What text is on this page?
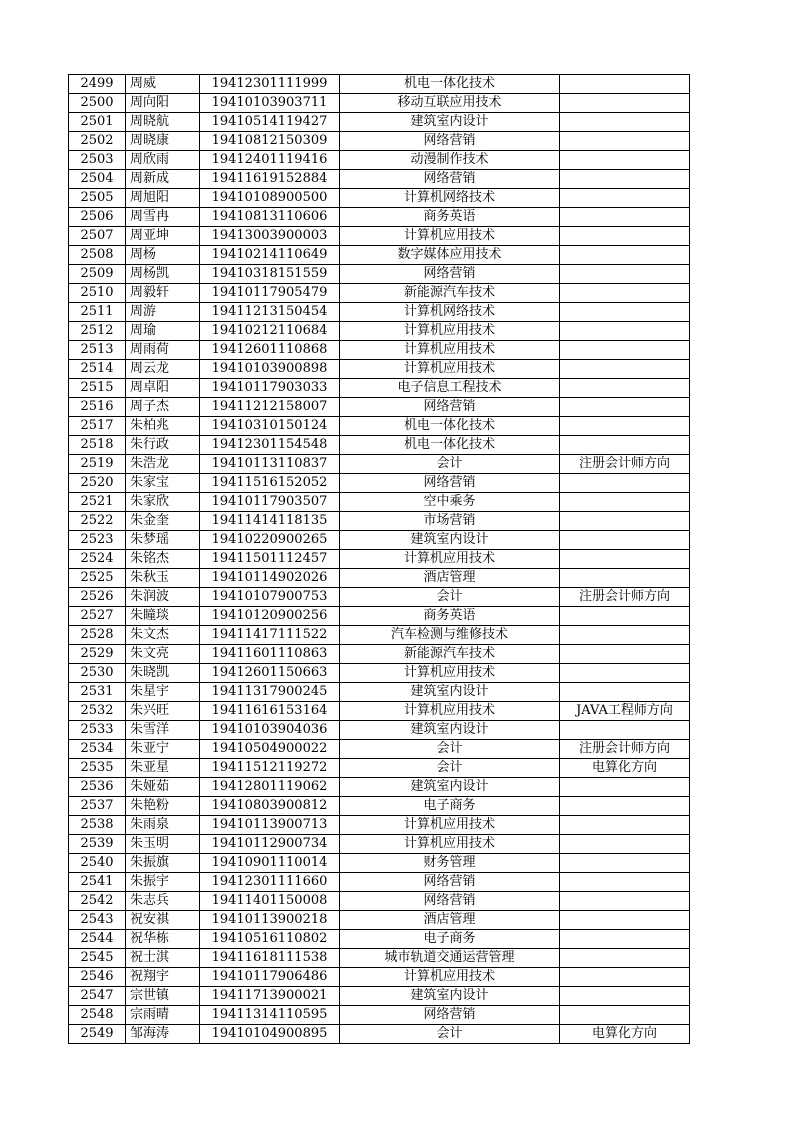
2499	周威	19412301111999	机电一体化技术	
2500	周向阳	19410103903711	移动互联应用技术	
2501	周晓航	19410514119427	建筑室内设计	
2502	周晓康	19410812150309	网络营销	
2503	周欣雨	19412401119416	动漫制作技术	
2504	周新成	19411619152884	网络营销	
2505	周旭阳	19410108900500	计算机网络技术	
2506	周雪冉	19410813110606	商务英语	
2507	周亚坤	19413003900003	计算机应用技术	
2508	周杨	19410214110649	数字媒体应用技术	
2509	周杨凯	19410318151559	网络营销	
2510	周毅轩	19410117905479	新能源汽车技术	
2511	周游	19411213150454	计算机网络技术	
2512	周瑜	19410212110684	计算机应用技术	
2513	周雨荷	19412601110868	计算机应用技术	
2514	周云龙	19410103900898	计算机应用技术	
2515	周卓阳	19410117903033	电子信息工程技术	
2516	周子杰	19411212158007	网络营销	
2517	朱柏兆	19410310150124	机电一体化技术	
2518	朱行政	19412301154548	机电一体化技术	
2519	朱浩龙	19410113110837	会计	注册会计师方向
2520	朱家宝	19411516152052	网络营销	
2521	朱家欣	19410117903507	空中乘务	
2522	朱金奎	19411414118135	市场营销	
2523	朱梦瑶	19410220900265	建筑室内设计	
2524	朱铭杰	19411501112457	计算机应用技术	
2525	朱秋玉	19410114902026	酒店管理	
2526	朱润波	19410107900753	会计	注册会计师方向
2527	朱瞳琰	19410120900256	商务英语	
2528	朱文杰	19411417111522	汽车检测与维修技术	
2529	朱文亮	19411601110863	新能源汽车技术	
2530	朱晓凯	19412601150663	计算机应用技术	
2531	朱星宇	19411317900245	建筑室内设计	
2532	朱兴旺	19411616153164	计算机应用技术	JAVA工程师方向
2533	朱雪洋	19410103904036	建筑室内设计	
2534	朱亚宁	19410504900022	会计	注册会计师方向
2535	朱亚星	19411512119272	会计	电算化方向
2536	朱娅茹	19412801119062	建筑室内设计	
2537	朱艳粉	19410803900812	电子商务	
2538	朱雨泉	19410113900713	计算机应用技术	
2539	朱玉明	19410112900734	计算机应用技术	
2540	朱振旗	19410901110014	财务管理	
2541	朱振宇	19412301111660	网络营销	
2542	朱志兵	19411401150008	网络营销	
2543	祝安祺	19410113900218	酒店管理	
2544	祝华栋	19410516110802	电子商务	
2545	祝士淇	19411618111538	城市轨道交通运营管理	
2546	祝翔宇	19410117906486	计算机应用技术	
2547	宗世镇	19411713900021	建筑室内设计	
2548	宗雨晴	19411314110595	网络营销	
2549	邹海涛	19410104900895	会计	电算化方向
